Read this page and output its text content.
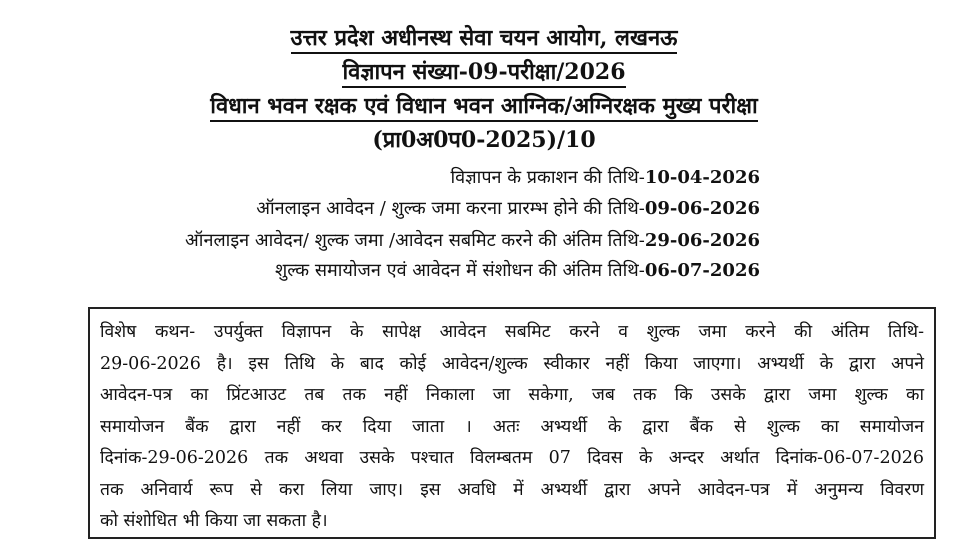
उत्तर प्रदेश अधीनस्थ सेवा चयन आयोग, लखनऊ
विज्ञापन संख्या-09-परीक्षा/2026
विधान भवन रक्षक एवं विधान भवन आग्निक/अग्निरक्षक मुख्य परीक्षा
(प्रा0अ0प0-2025)/10
विज्ञापन के प्रकाशन की तिथि-10-04-2026
ऑनलाइन आवेदन / शुल्क जमा करना प्रारम्भ होने की तिथि-09-06-2026
ऑनलाइन आवेदन/ शुल्क जमा /आवेदन सबमिट करने की अंतिम तिथि-29-06-2026
शुल्क समायोजन एवं आवेदन में संशोधन की अंतिम तिथि-06-07-2026

विशेष कथन- उपर्युक्त विज्ञापन के सापेक्ष आवेदन सबमिट करने व शुल्क जमा करने की अंतिम तिथि-

29-06-2026 है। इस तिथि के बाद कोई आवेदन/शुल्क स्वीकार नहीं किया जाएगा। अभ्यर्थी के द्वारा अपने

आवेदन-पत्र का प्रिंटआउट तब तक नहीं निकाला जा सकेगा, जब तक कि उसके द्वारा जमा शुल्क का

समायोजन बैंक द्वारा नहीं कर दिया जाता । अतः अभ्यर्थी के द्वारा बैंक से शुल्क का समायोजन

दिनांक-29-06-2026 तक अथवा उसके पश्चात विलम्बतम 07 दिवस के अन्दर अर्थात दिनांक-06-07-2026

तक अनिवार्य रूप से करा लिया जाए। इस अवधि में अभ्यर्थी द्वारा अपने आवेदन-पत्र में अनुमन्य विवरण

को संशोधित भी किया जा सकता है।
